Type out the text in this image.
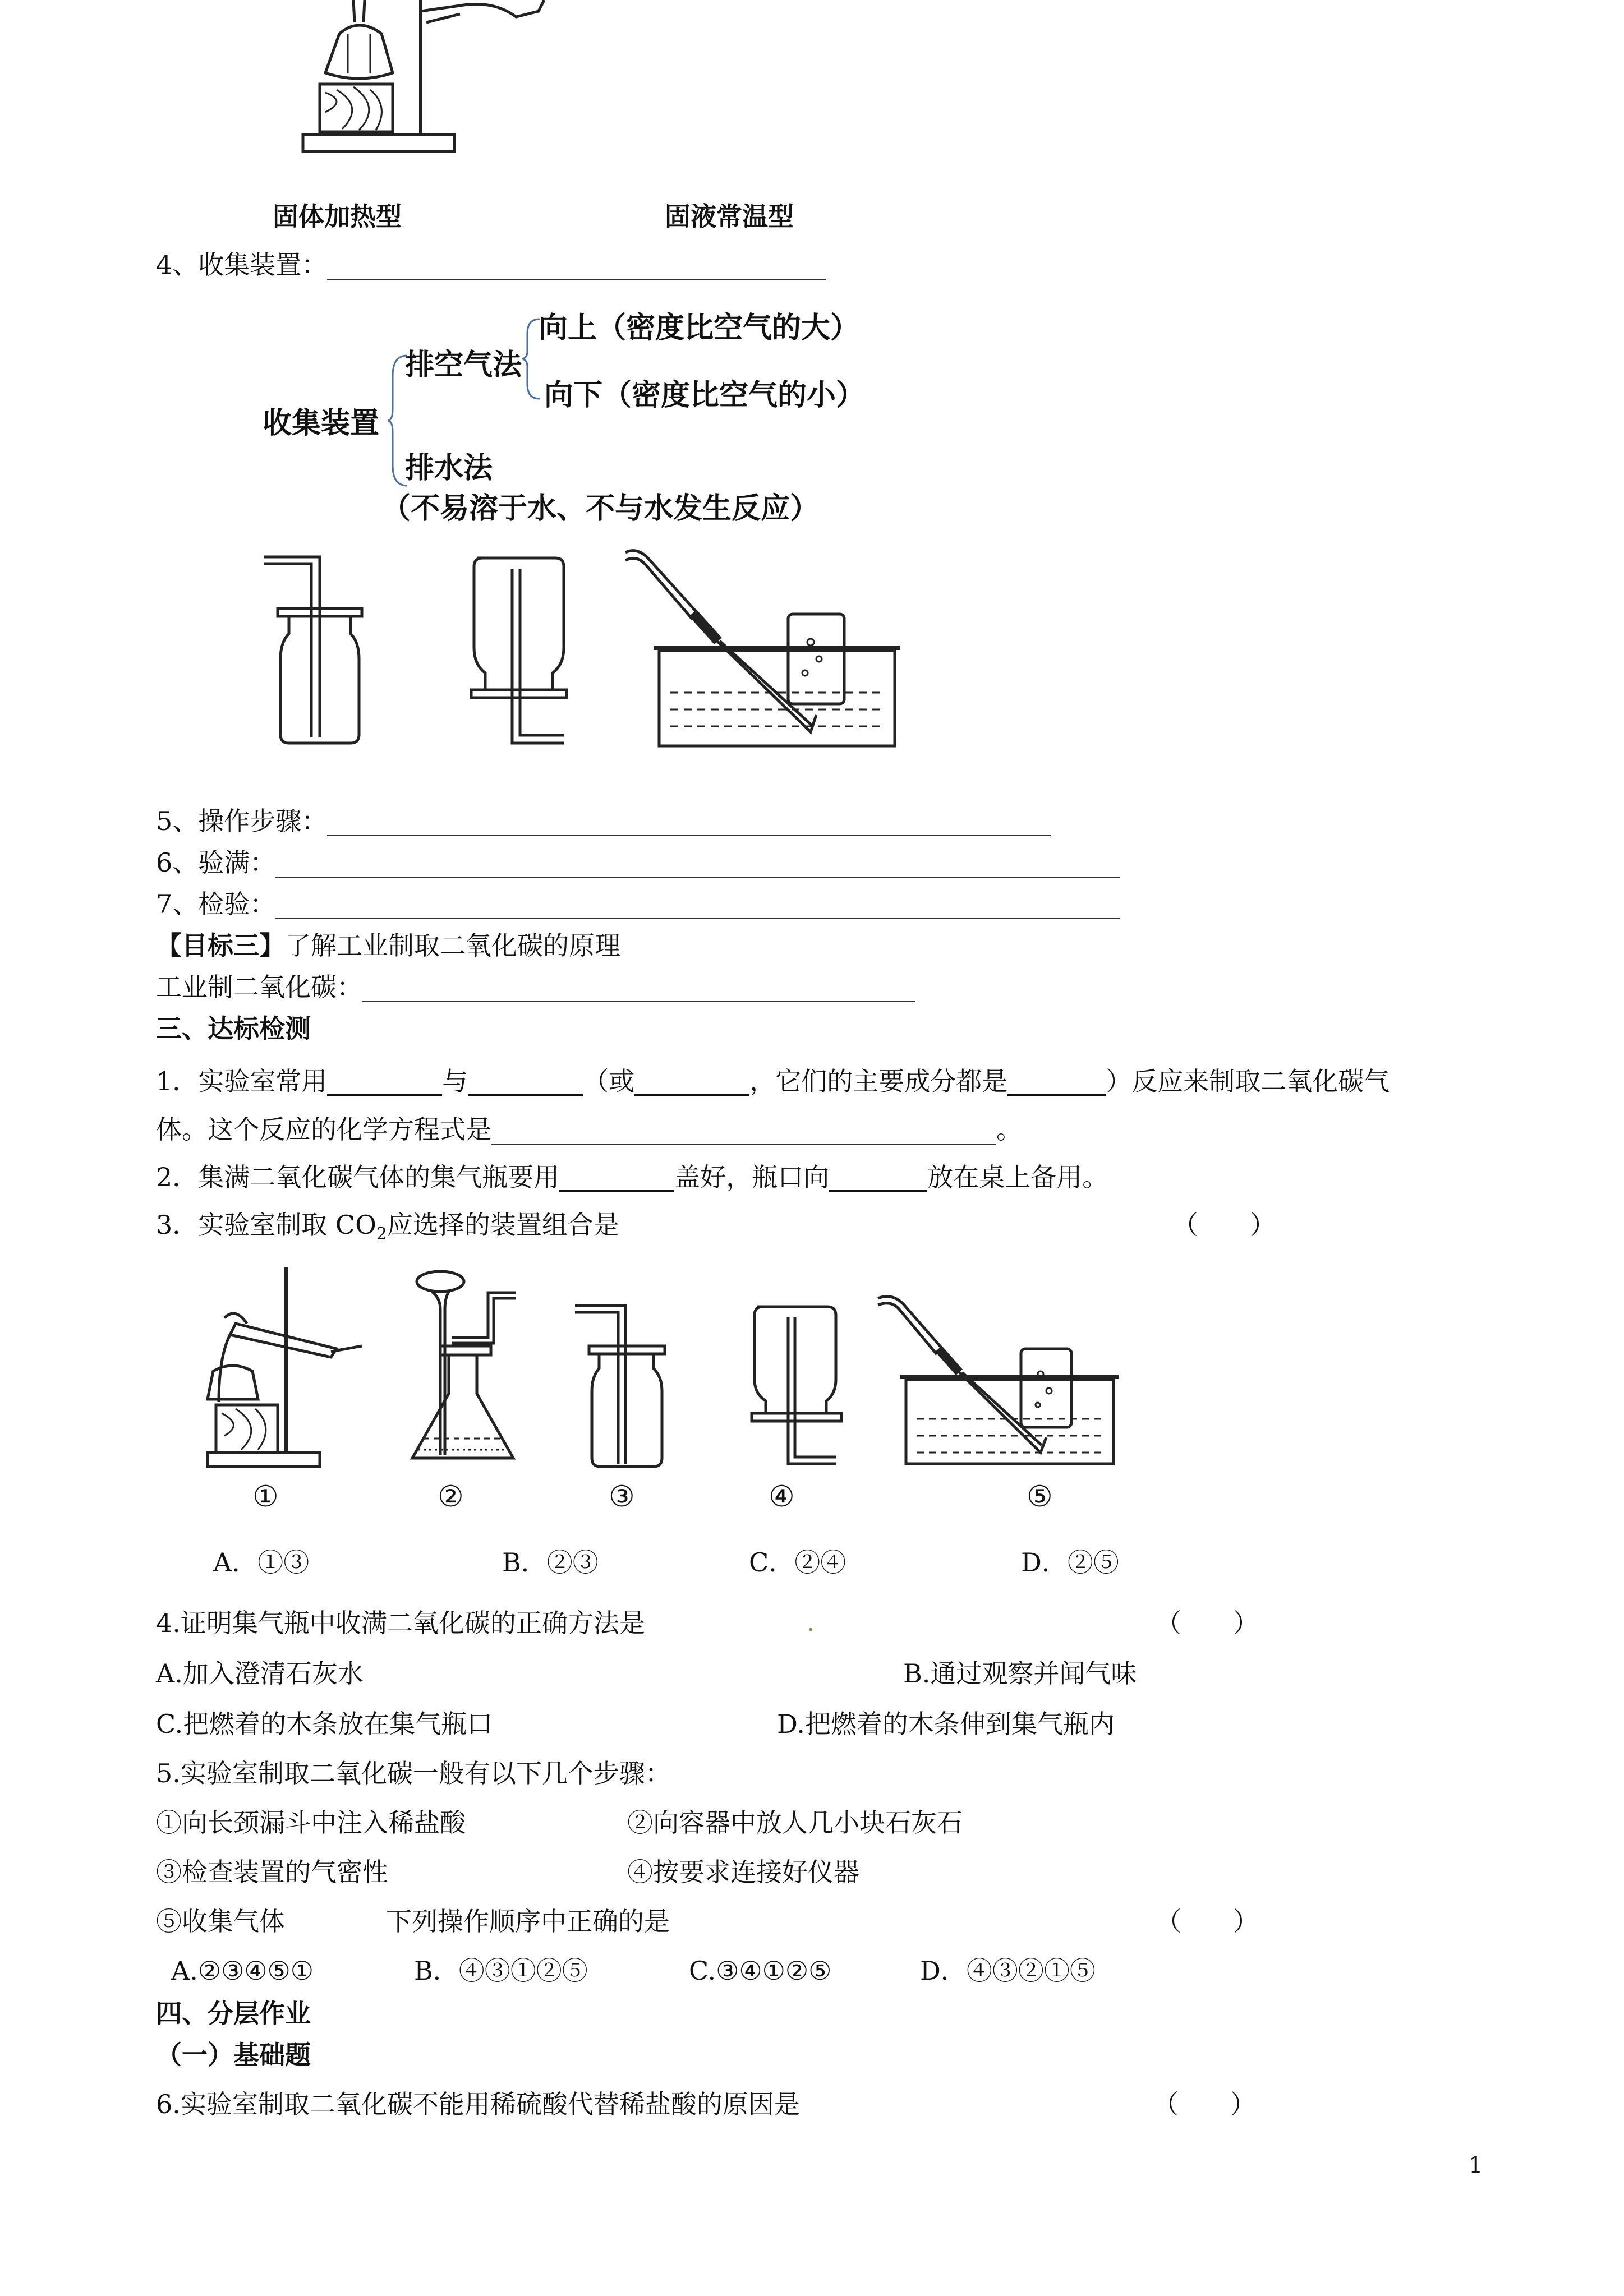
固体加热型	固液常温型
4、收集装置：
收集装置
排空气法
向上（密度比空气的大）
向下（密度比空气的小）
排水法
（不易溶于水、不与水发生反应）
5、操作步骤：
6、验满：
7、检验：
【目标三】了解工业制取二氧化碳的原理
工业制二氧化碳：
三、达标检测
1．实验室常用	与	（或	，它们的主要成分都是	）反应来制取二氧化碳气
体。这个反应的化学方程式是	。
2．集满二氧化碳气体的集气瓶要用	盖好，瓶口向	放在桌上备用。
3．实验室制取 $CO_2$应选择的装置组合是	（　　）
①	②	③	④	⑤
A．①③	B．②③	C．②④	D．②⑤
4.证明集气瓶中收满二氧化碳的正确方法是	.	（　　）
A.加入澄清石灰水	B.通过观察并闻气味
C.把燃着的木条放在集气瓶口	D.把燃着的木条伸到集气瓶内
5.实验室制取二氧化碳一般有以下几个步骤：
①向长颈漏斗中注入稀盐酸	②向容器中放人几小块石灰石
③检查装置的气密性	④按要求连接好仪器
⑤收集气体	下列操作顺序中正确的是	（　　）
A.②③④⑤①	B．④③①②⑤	C.③④①②⑤	D．④③②①⑤
四、分层作业
（一）基础题
6.实验室制取二氧化碳不能用稀硫酸代替稀盐酸的原因是	（　　）
1
